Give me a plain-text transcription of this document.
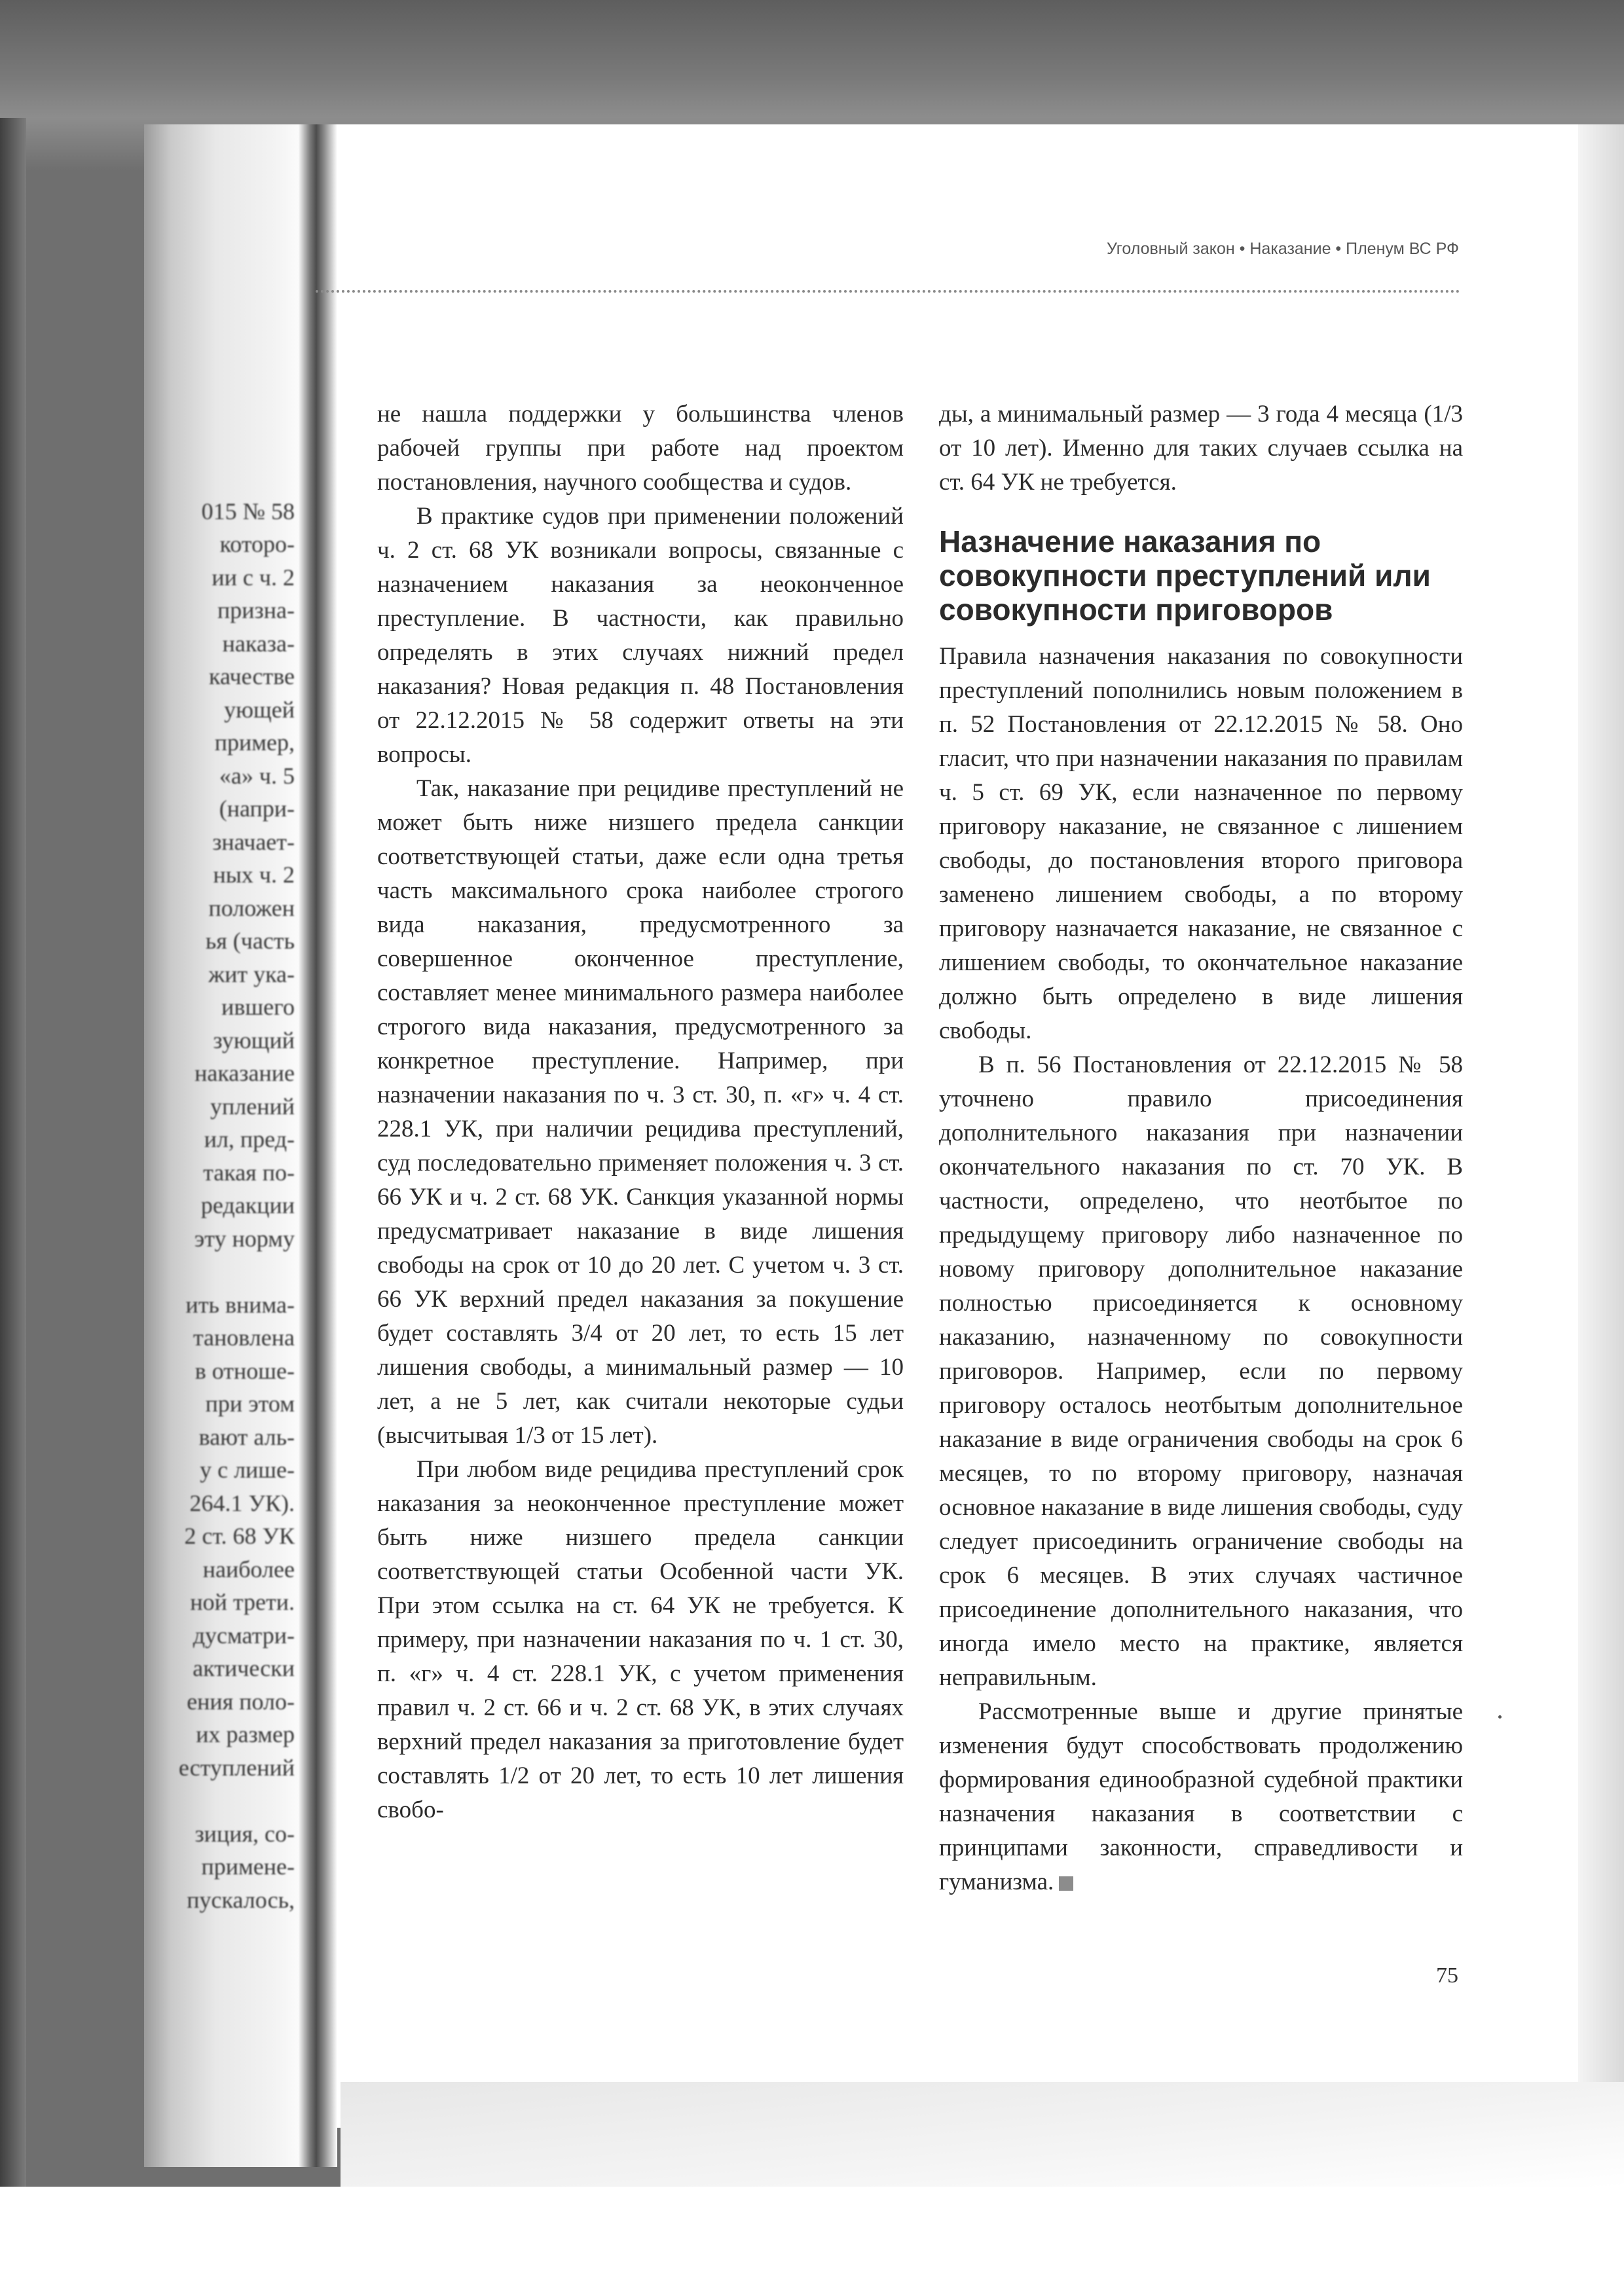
015 № 58
которо-
ии с ч. 2
призна-
наказа-
качестве
ующей
пример,
«а» ч. 5
(напри-
значает-
ных ч. 2
положен
ья (часть
жит ука-
ившего
зующий
наказание
уплений
ил, пред-
такая по-
редакции
эту норму
ить внима-
тановлена
в отноше-
при этом
вают аль-
у с лише-
264.1 УК).
2 ст. 68 УК
наиболее
ной трети.
дусматри-
актически
ения поло-
их размер
еступлений
зиция, со-
применe-
пускалось,
Уголовный закон • Наказание • Пленум ВС РФ

не нашла поддержки у большинства членов рабочей группы при работе над проектом постановления, научного сообщества и судов.

В практике судов при применении положений ч. 2 ст. 68 УК возникали вопросы, связанные с назначением наказания за неоконченное преступление. В частности, как правильно определять в этих случаях нижний предел наказания? Новая редакция п. 48 Постановления от 22.12.2015 № 58 содержит ответы на эти вопросы.

Так, наказание при рецидиве преступлений не может быть ниже низшего предела санкции соответствующей статьи, даже если одна третья часть максимального срока наиболее строгого вида наказания, предусмотренного за совершенное оконченное преступление, составляет менее минимального размера наиболее строгого вида наказания, предусмотренного за конкретное преступление. Например, при назначении наказания по ч. 3 ст. 30, п. «г» ч. 4 ст. 228.1 УК, при наличии рецидива преступлений, суд последовательно применяет положения ч. 3 ст. 66 УК и ч. 2 ст. 68 УК. Санкция указанной нормы предусматривает наказание в виде лишения свободы на срок от 10 до 20 лет. С учетом ч. 3 ст. 66 УК верхний предел наказания за покушение будет составлять 3/4 от 20 лет, то есть 15 лет лишения свободы, а минимальный размер — 10 лет, а не 5 лет, как считали некоторые судьи (высчитывая 1/3 от 15 лет).

При любом виде рецидива преступлений срок наказания за неоконченное преступление может быть ниже низшего предела санкции соответствующей статьи Особенной части УК. При этом ссылка на ст. 64 УК не требуется. К примеру, при назначении наказания по ч. 1 ст. 30, п. «г» ч. 4 ст. 228.1 УК, с учетом применения правил ч. 2 ст. 66 и ч. 2 ст. 68 УК, в этих случаях верхний предел наказания за приготовление будет составлять 1/2 от 20 лет, то есть 10 лет лишения свобо-

ды, а минимальный размер — 3 года 4 месяца (1/3 от 10 лет). Именно для таких случаев ссылка на ст. 64 УК не требуется.

Назначение наказания по совокупности преступлений или совокупности приговоров

Правила назначения наказания по совокупности преступлений пополнились новым положением в п. 52 Постановления от 22.12.2015 № 58. Оно гласит, что при назначении наказания по правилам ч. 5 ст. 69 УК, если назначенное по первому приговору наказание, не связанное с лишением свободы, до постановления второго приговора заменено лишением свободы, а по второму приговору назначается наказание, не связанное с лишением свободы, то окончательное наказание должно быть определено в виде лишения свободы.

В п. 56 Постановления от 22.12.2015 № 58 уточнено правило присоединения дополнительного наказания при назначении окончательного наказания по ст. 70 УК. В частности, определено, что неотбытое по предыдущему приговору либо назначенное по новому приговору дополнительное наказание полностью присоединяется к основному наказанию, назначенному по совокупности приговоров. Например, если по первому приговору осталось неотбытым дополнительное наказание в виде ограничения свободы на срок 6 месяцев, то по второму приговору, назначая основное наказание в виде лишения свободы, суду следует присоединить ограничение свободы на срок 6 месяцев. В этих случаях частичное присоединение дополнительного наказания, что иногда имело место на практике, является неправильным.

Рассмотренные выше и другие принятые изменения будут способствовать продолжению формирования единообразной судебной практики назначения наказания в соответствии с принципами законности, справедливости и гуманизма.

75
